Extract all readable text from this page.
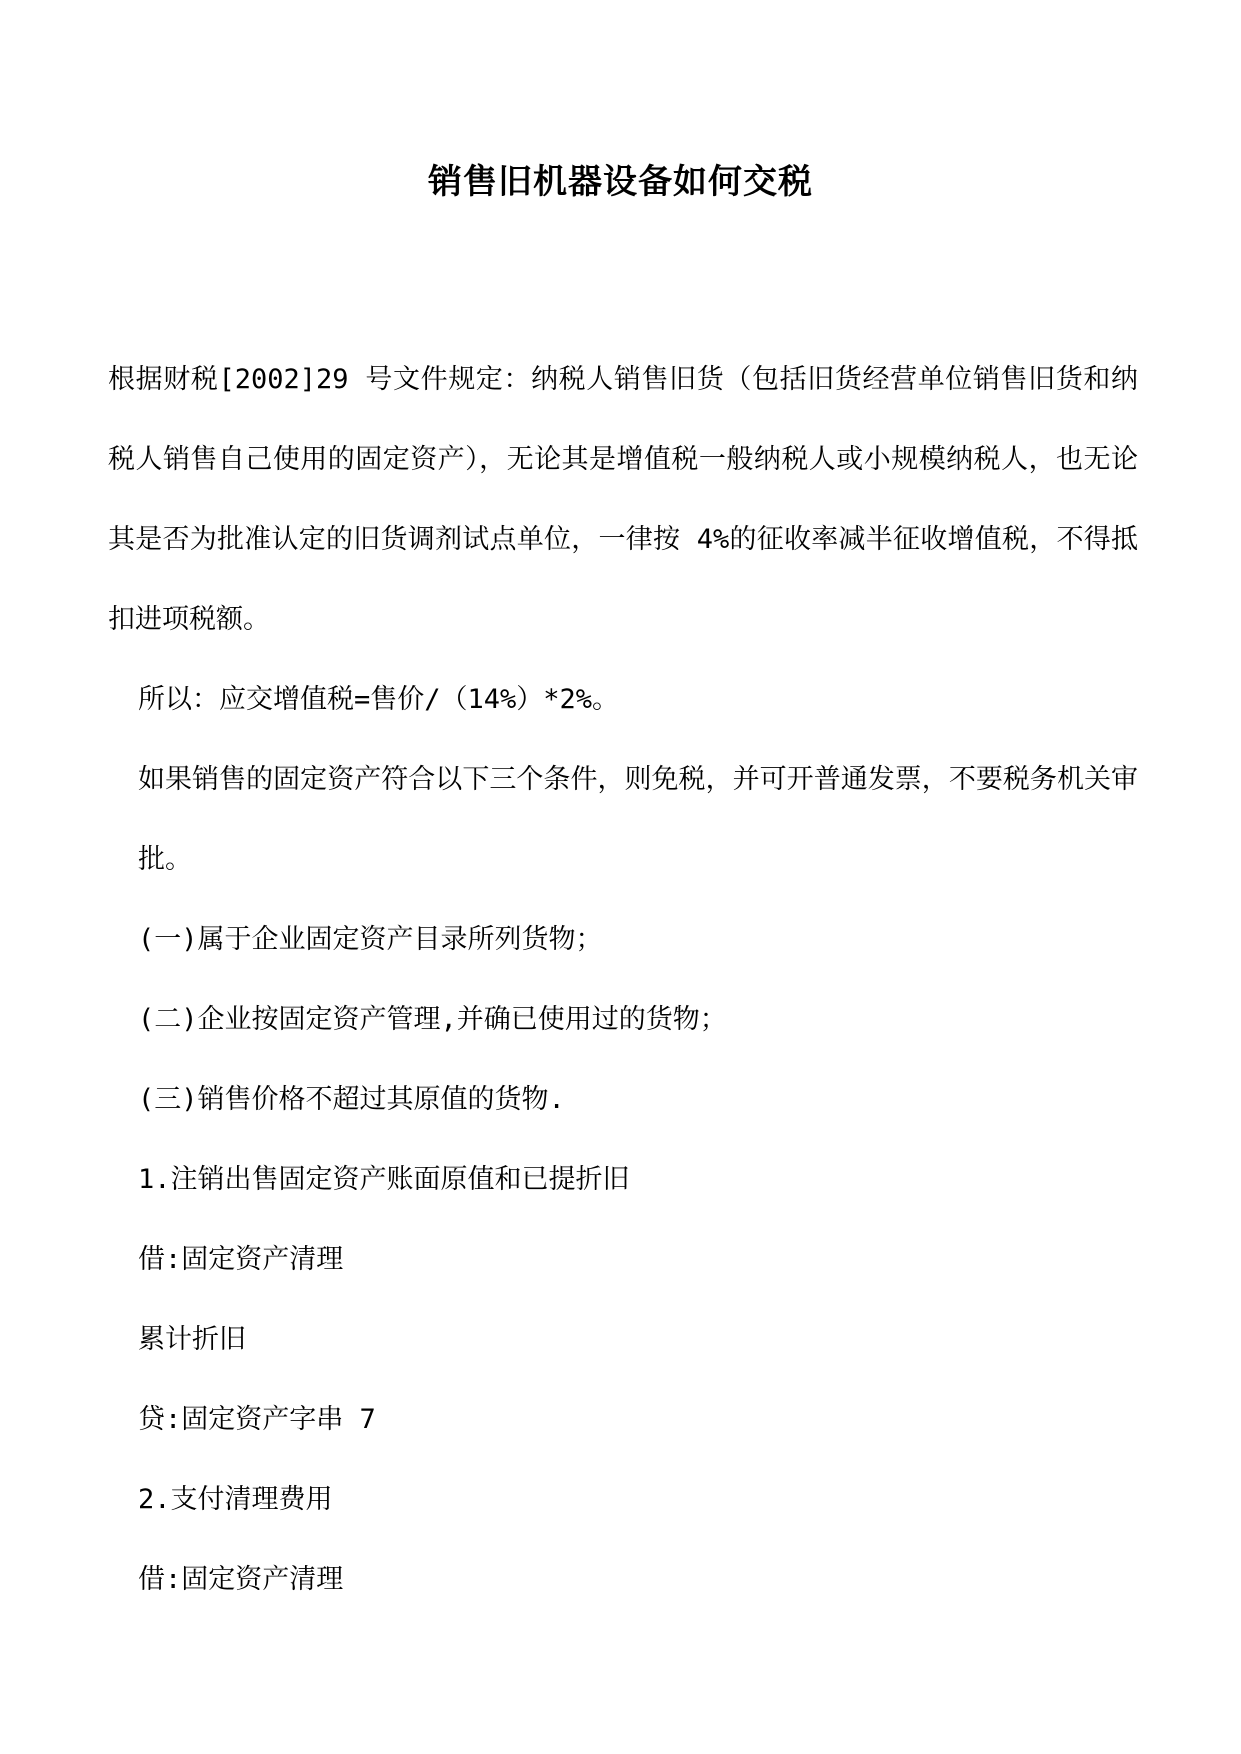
销售旧机器设备如何交税

根据财税[2002]29 号文件规定：纳税人销售旧货（包括旧货经营单位销售旧货和纳税人销售自己使用的固定资产），无论其是增值税一般纳税人或小规模纳税人，也无论其是否为批准认定的旧货调剂试点单位，一律按 4%的征收率减半征收增值税，不得抵扣进项税额。

所以：应交增值税=售价/（14%）*2%。

如果销售的固定资产符合以下三个条件，则免税，并可开普通发票，不要税务机关审批。

(一)属于企业固定资产目录所列货物；

(二)企业按固定资产管理,并确已使用过的货物；

(三)销售价格不超过其原值的货物.

1.注销出售固定资产账面原值和已提折旧

借:固定资产清理

累计折旧

贷:固定资产字串 7

2.支付清理费用

借:固定资产清理
